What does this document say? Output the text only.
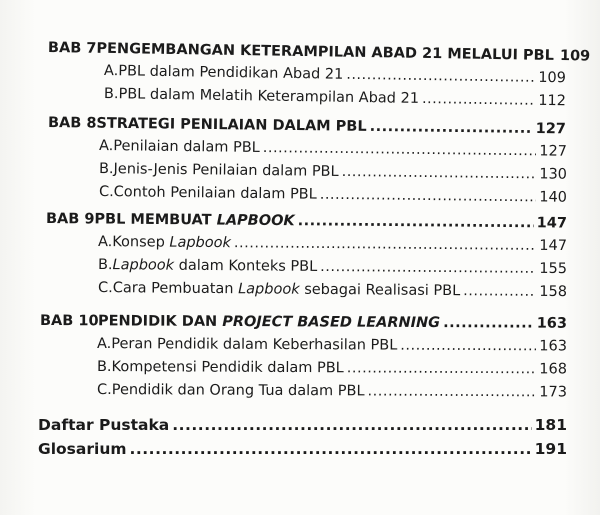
BAB 7 PENGEMBANGAN KETERAMPILAN ABAD 21 MELALUI PBL ..... 109
A. PBL dalam Pendidikan Abad 21 .....	109
B. PBL dalam Melatih Keterampilan Abad 21 .....	112
BAB 8 STRATEGI PENILAIAN DALAM PBL .....	127
A. Penilaian dalam PBL .....	127
B. Jenis-Jenis Penilaian dalam PBL .....	130
C. Contoh Penilaian dalam PBL .....	140
BAB 9 PBL MEMBUAT LAPBOOK .....	147
A. Konsep Lapbook .....	147
B. Lapbook dalam Konteks PBL .....	155
C. Cara Pembuatan Lapbook sebagai Realisasi PBL .....	158
BAB 10 PENDIDIK DAN PROJECT BASED LEARNING .....	163
A. Peran Pendidik dalam Keberhasilan PBL .....	163
B. Kompetensi Pendidik dalam PBL .....	168
C. Pendidik dan Orang Tua dalam PBL .....	173
Daftar Pustaka .....	181
Glosarium .....	191
